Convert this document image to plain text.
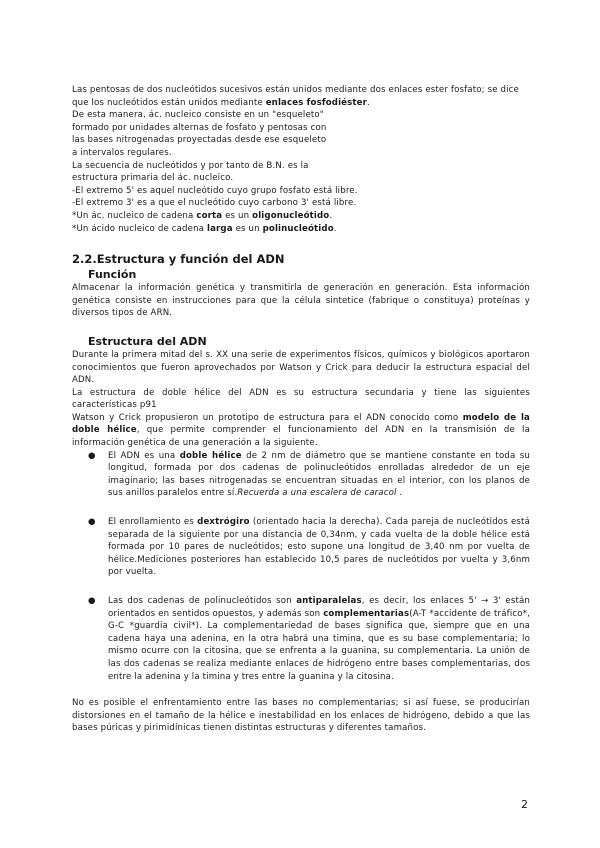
Las pentosas de dos nucleótidos sucesivos están unidos mediante dos enlaces ester fosfato; se dice

que los nucleótidos están unidos mediante enlaces fosfodiéster.

De esta manera, ác. nucleico consiste en un "esqueleto"

formado por unidades alternas de fosfato y pentosas con

las bases nitrogenadas proyectadas desde ese esqueleto

a intervalos regulares.

La secuencia de nucleótidos y por tanto de B.N. es la

estructura primaria del ác. nucleico.

-El extremo 5' es aquel nucleótido cuyo grupo fosfato está libre.

-El extremo 3' es a que el nucleótido cuyo carbono 3' está libre.

*Un ác. nucleico de cadena corta es un oligonucleótido.

*Un ácido nucleico de cadena larga es un polinucleótido.

2.2.Estructura y función del ADN
Función

Almacenar la información genética y transmitirla de generación en generación. Esta información genética consiste en instrucciones para que la célula sintetice (fabrique o constituya) proteínas y diversos tipos de ARN.

Estructura del ADN

Durante la primera mitad del s. XX una serie de experimentos físicos, químicos y biológicos aportaron conocimientos que fueron aprovechados por Watson y Crick para deducir la estructura espacial del ADN.

La estructura de doble hélice del ADN es su estructura secundaria y tiene las siguientes características p91

Watson y Crick propusieron un prototipo de estructura para el ADN conocido como modelo de la doble hélice, que permite comprender el funcionamiento del ADN en la transmisión de la información genética de una generación a la siguiente.

● El ADN es una doble hélice de 2 nm de diámetro que se mantiene constante en toda su longitud, formada por dos cadenas de polinucleótidos enrolladas alrededor de un eje imaginario; las bases nitrogenadas se encuentran situadas en el interior, con los planos de sus anillos paralelos entre sí.Recuerda a una escalera de caracol .

● El enrollamiento es dextrógiro (orientado hacia la derecha). Cada pareja de nucleótidos está separada de la siguiente por una distancia de 0,34nm, y cada vuelta de la doble hélice está formada por 10 pares de nucleótidos; esto supone una longitud de 3,40 nm por vuelta de hélice.Mediciones posteriores han establecido 10,5 pares de nucleótidos por vuelta y 3,6nm por vuelta.

● Las dos cadenas de polinucleótidos son antiparalelas, es decir, los enlaces 5' → 3' están orientados en sentidos opuestos, y además son complementarias(A-T *accidente de tráfico*, G-C *guardia civil*). La complementariedad de bases significa que, siempre que en una cadena haya una adenina, en la otra habrá una timina, que es su base complementaria; lo mismo ocurre con la citosina, que se enfrenta a la guanina, su complementaria. La unión de las dos cadenas se realiza mediante enlaces de hidrógeno entre bases complementarias, dos entre la adenina y la timina y tres entre la guanina y la citosina.

No es posible el enfrentamiento entre las bases no complementarias; si así fuese, se producirían distorsiones en el tamaño de la hélice e inestabilidad en los enlaces de hidrógeno, debido a que las bases púricas y pirimidínicas tienen distintas estructuras y diferentes tamaños.

2
